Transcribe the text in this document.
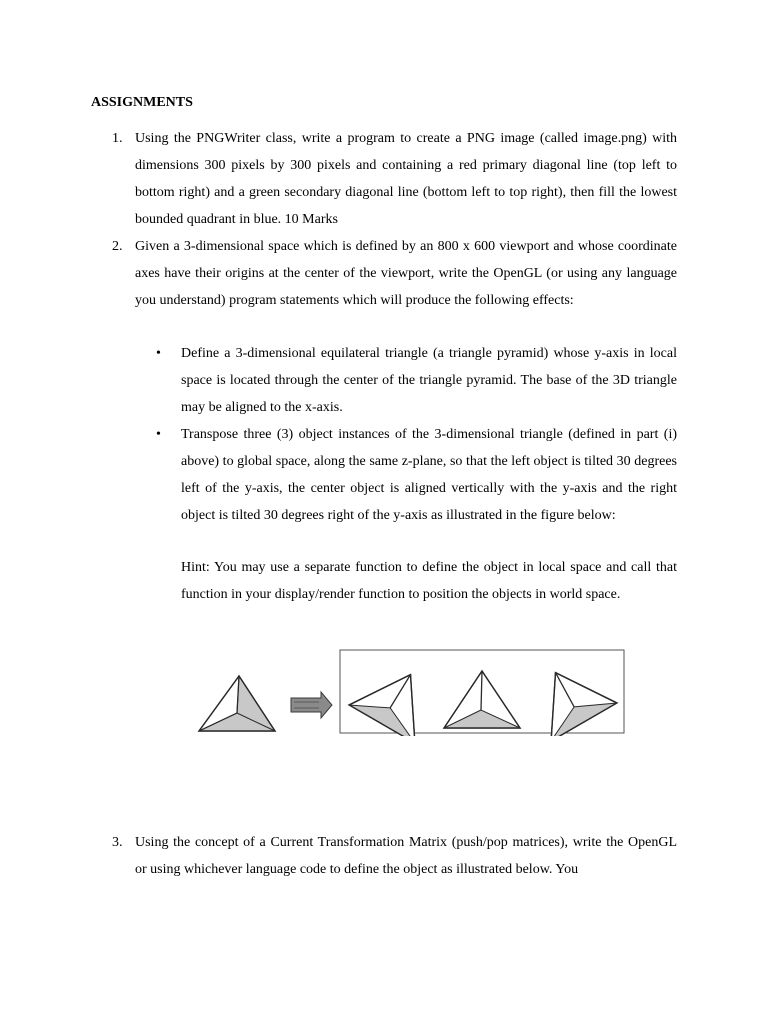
ASSIGNMENTS
1. Using the PNGWriter class, write a program to create a PNG image (called image.png) with dimensions 300 pixels by 300 pixels and containing a red primary diagonal line (top left to bottom right) and a green secondary diagonal line (bottom left to top right), then fill the lowest bounded quadrant in blue. 10 Marks
2. Given a 3-dimensional space which is defined by an 800 x 600 viewport and whose coordinate axes have their origins at the center of the viewport, write the OpenGL (or using any language you understand) program statements which will produce the following effects:
• Define a 3-dimensional equilateral triangle (a triangle pyramid) whose y-axis in local space is located through the center of the triangle pyramid. The base of the 3D triangle may be aligned to the x-axis.
• Transpose three (3) object instances of the 3-dimensional triangle (defined in part (i) above) to global space, along the same z-plane, so that the left object is tilted 30 degrees left of the y-axis, the center object is aligned vertically with the y-axis and the right object is tilted 30 degrees right of the y-axis as illustrated in the figure below:
Hint: You may use a separate function to define the object in local space and call that function in your display/render function to position the objects in world space.
3. Using the concept of a Current Transformation Matrix (push/pop matrices), write the OpenGL or using whichever language code to define the object as illustrated below. You
